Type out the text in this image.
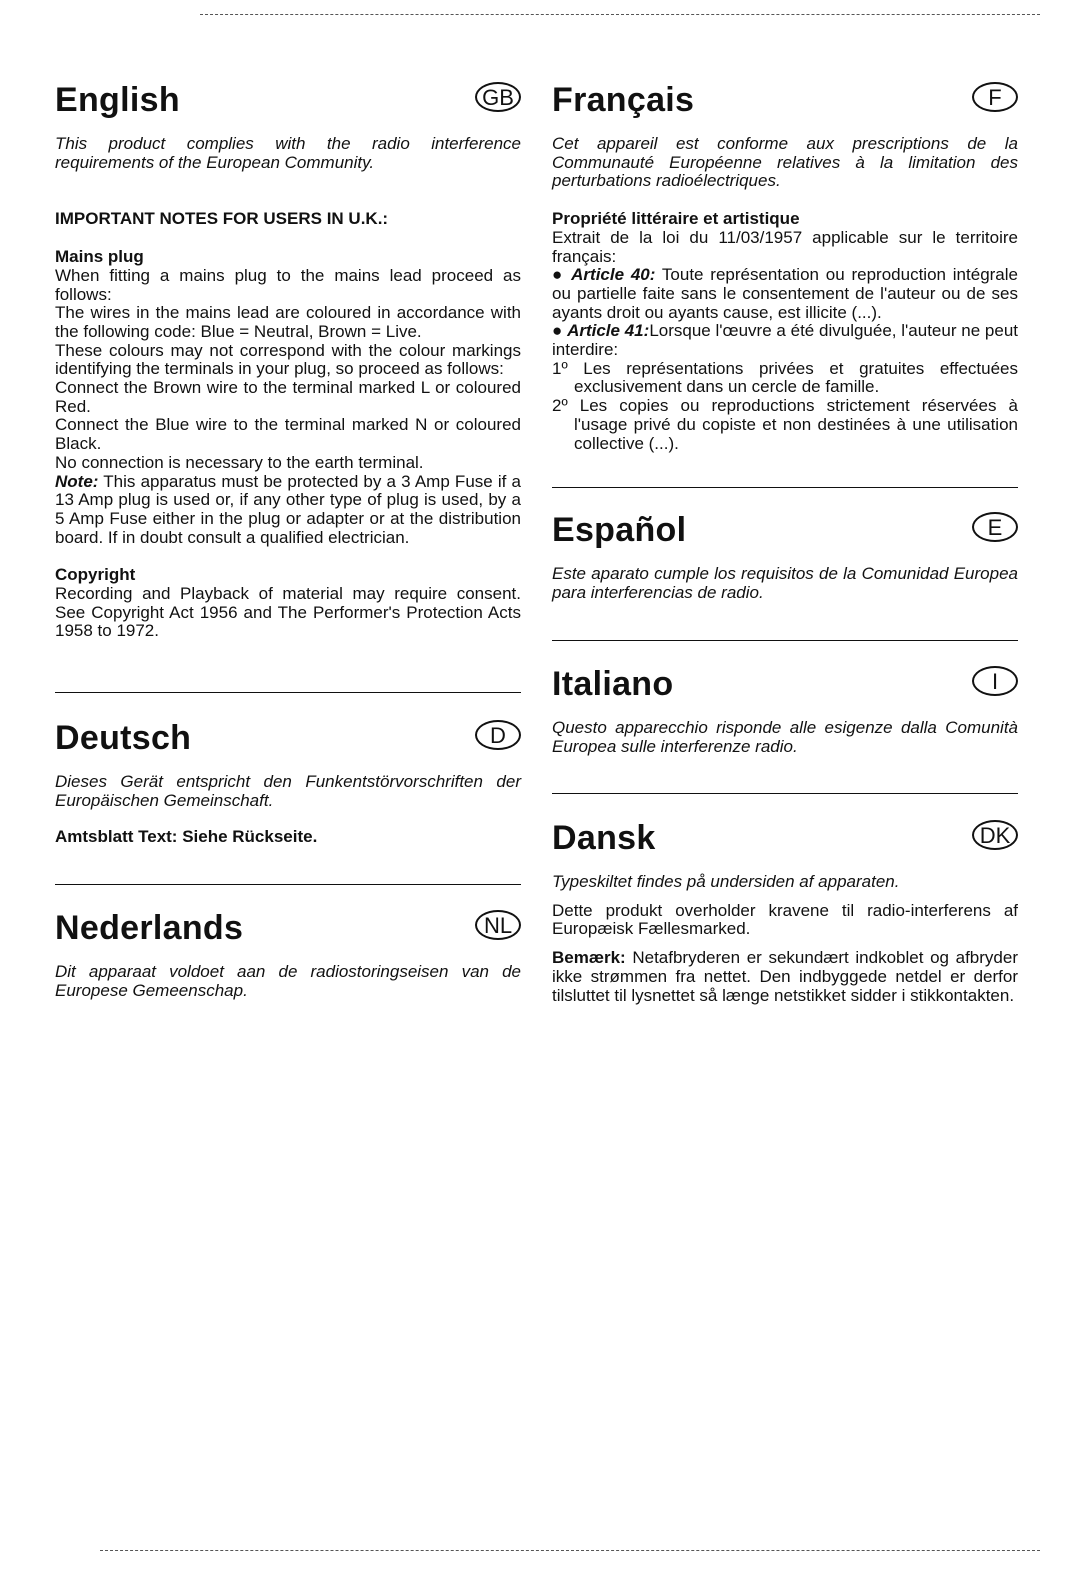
English	GB

This product complies with the radio interference requirements of the European Community.

IMPORTANT NOTES FOR USERS IN U.K.:

Mains plug

When fitting a mains plug to the mains lead proceed as follows:

The wires in the mains lead are coloured in accordance with the following code: Blue = Neutral, Brown = Live.

These colours may not correspond with the colour markings identifying the terminals in your plug, so proceed as follows:

Connect the Brown wire to the terminal marked L or coloured Red.

Connect the Blue wire to the terminal marked N or coloured Black.

No connection is necessary to the earth terminal.

Note: This apparatus must be protected by a 3 Amp Fuse if a 13 Amp plug is used or, if any other type of plug is used, by a 5 Amp Fuse either in the plug or adapter or at the distribution board. If in doubt consult a qualified electrician.

Copyright

Recording and Playback of material may require consent. See Copyright Act 1956 and The Performer's Protection Acts 1958 to 1972.

Deutsch	D

Dieses Gerät entspricht den Funkentstörvorschriften der Europäischen Gemeinschaft.

Amtsblatt Text: Siehe Rückseite.

Nederlands	NL

Dit apparaat voldoet aan de radiostoringseisen van de Europese Gemeenschap.

Français	F

Cet appareil est conforme aux prescriptions de la Communauté Européenne relatives à la limitation des perturbations radioélectriques.

Propriété littéraire et artistique

Extrait de la loi du 11/03/1957 applicable sur le territoire français:

● Article 40: Toute représentation ou reproduction intégrale ou partielle faite sans le consentement de l'auteur ou de ses ayants droit ou ayants cause, est illicite (...).

● Article 41:Lorsque l'œuvre a été divulguée, l'auteur ne peut interdire:

1º Les représentations privées et gratuites effectuées exclusivement dans un cercle de famille.

2º Les copies ou reproductions strictement réservées à l'usage privé du copiste et non destinées à une utilisation collective (...).

Español	E

Este aparato cumple los requisitos de la Comunidad Europea para interferencias de radio.

Italiano	I

Questo apparecchio risponde alle esigenze dalla Comunità Europea sulle interferenze radio.

Dansk	DK

Typeskiltet findes på undersiden af apparaten.

Dette produkt overholder kravene til radio-interferens af Europæisk Fællesmarked.

Bemærk: Netafbryderen er sekundært indkoblet og afbryder ikke strømmen fra nettet. Den indbyggede netdel er derfor tilsluttet til lysnettet så længe netstikket sidder i stikkontakten.
